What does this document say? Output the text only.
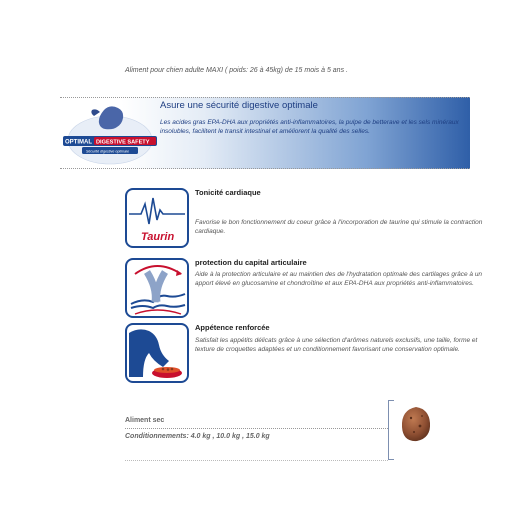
Aliment pour chien adulte MAXI ( poids: 26 à 45kg) de 15 mois à 5 ans .
OPTIMAL DIGESTIVE SAFETY
Sécurité digestive optimale
Asure une sécurité digestive optimale
Les acides gras EPA-DHA aux propriétés anti-inflammatoires, la pulpe de betterave et les sels minéraux insolubles, facilitent le transit intestinal et améliorent la qualité des selles.
Taurin
Tonicité cardiaque
Favorise le bon fonctionnement du coeur grâce à l'incorporation de taurine qui stimule la contraction cardiaque.
protection du capital articulaire
Aide à la protection articulaire et au maintien des de l'hydratation optimale des cartilages grâce à un apport élevé en glucosamine et chondroïtine et aux EPA-DHA aux propriétés anti-inflammatoires.
Appétence renforcée
Satisfait les appétits délicats grâce à une sélection d'arômes naturels exclusifs, une taille, forme et texture de croquettes adaptées et un conditionnement favorisant une conservation optimale.
Aliment sec
Conditionnements: 4.0 kg , 10.0 kg , 15.0 kg
